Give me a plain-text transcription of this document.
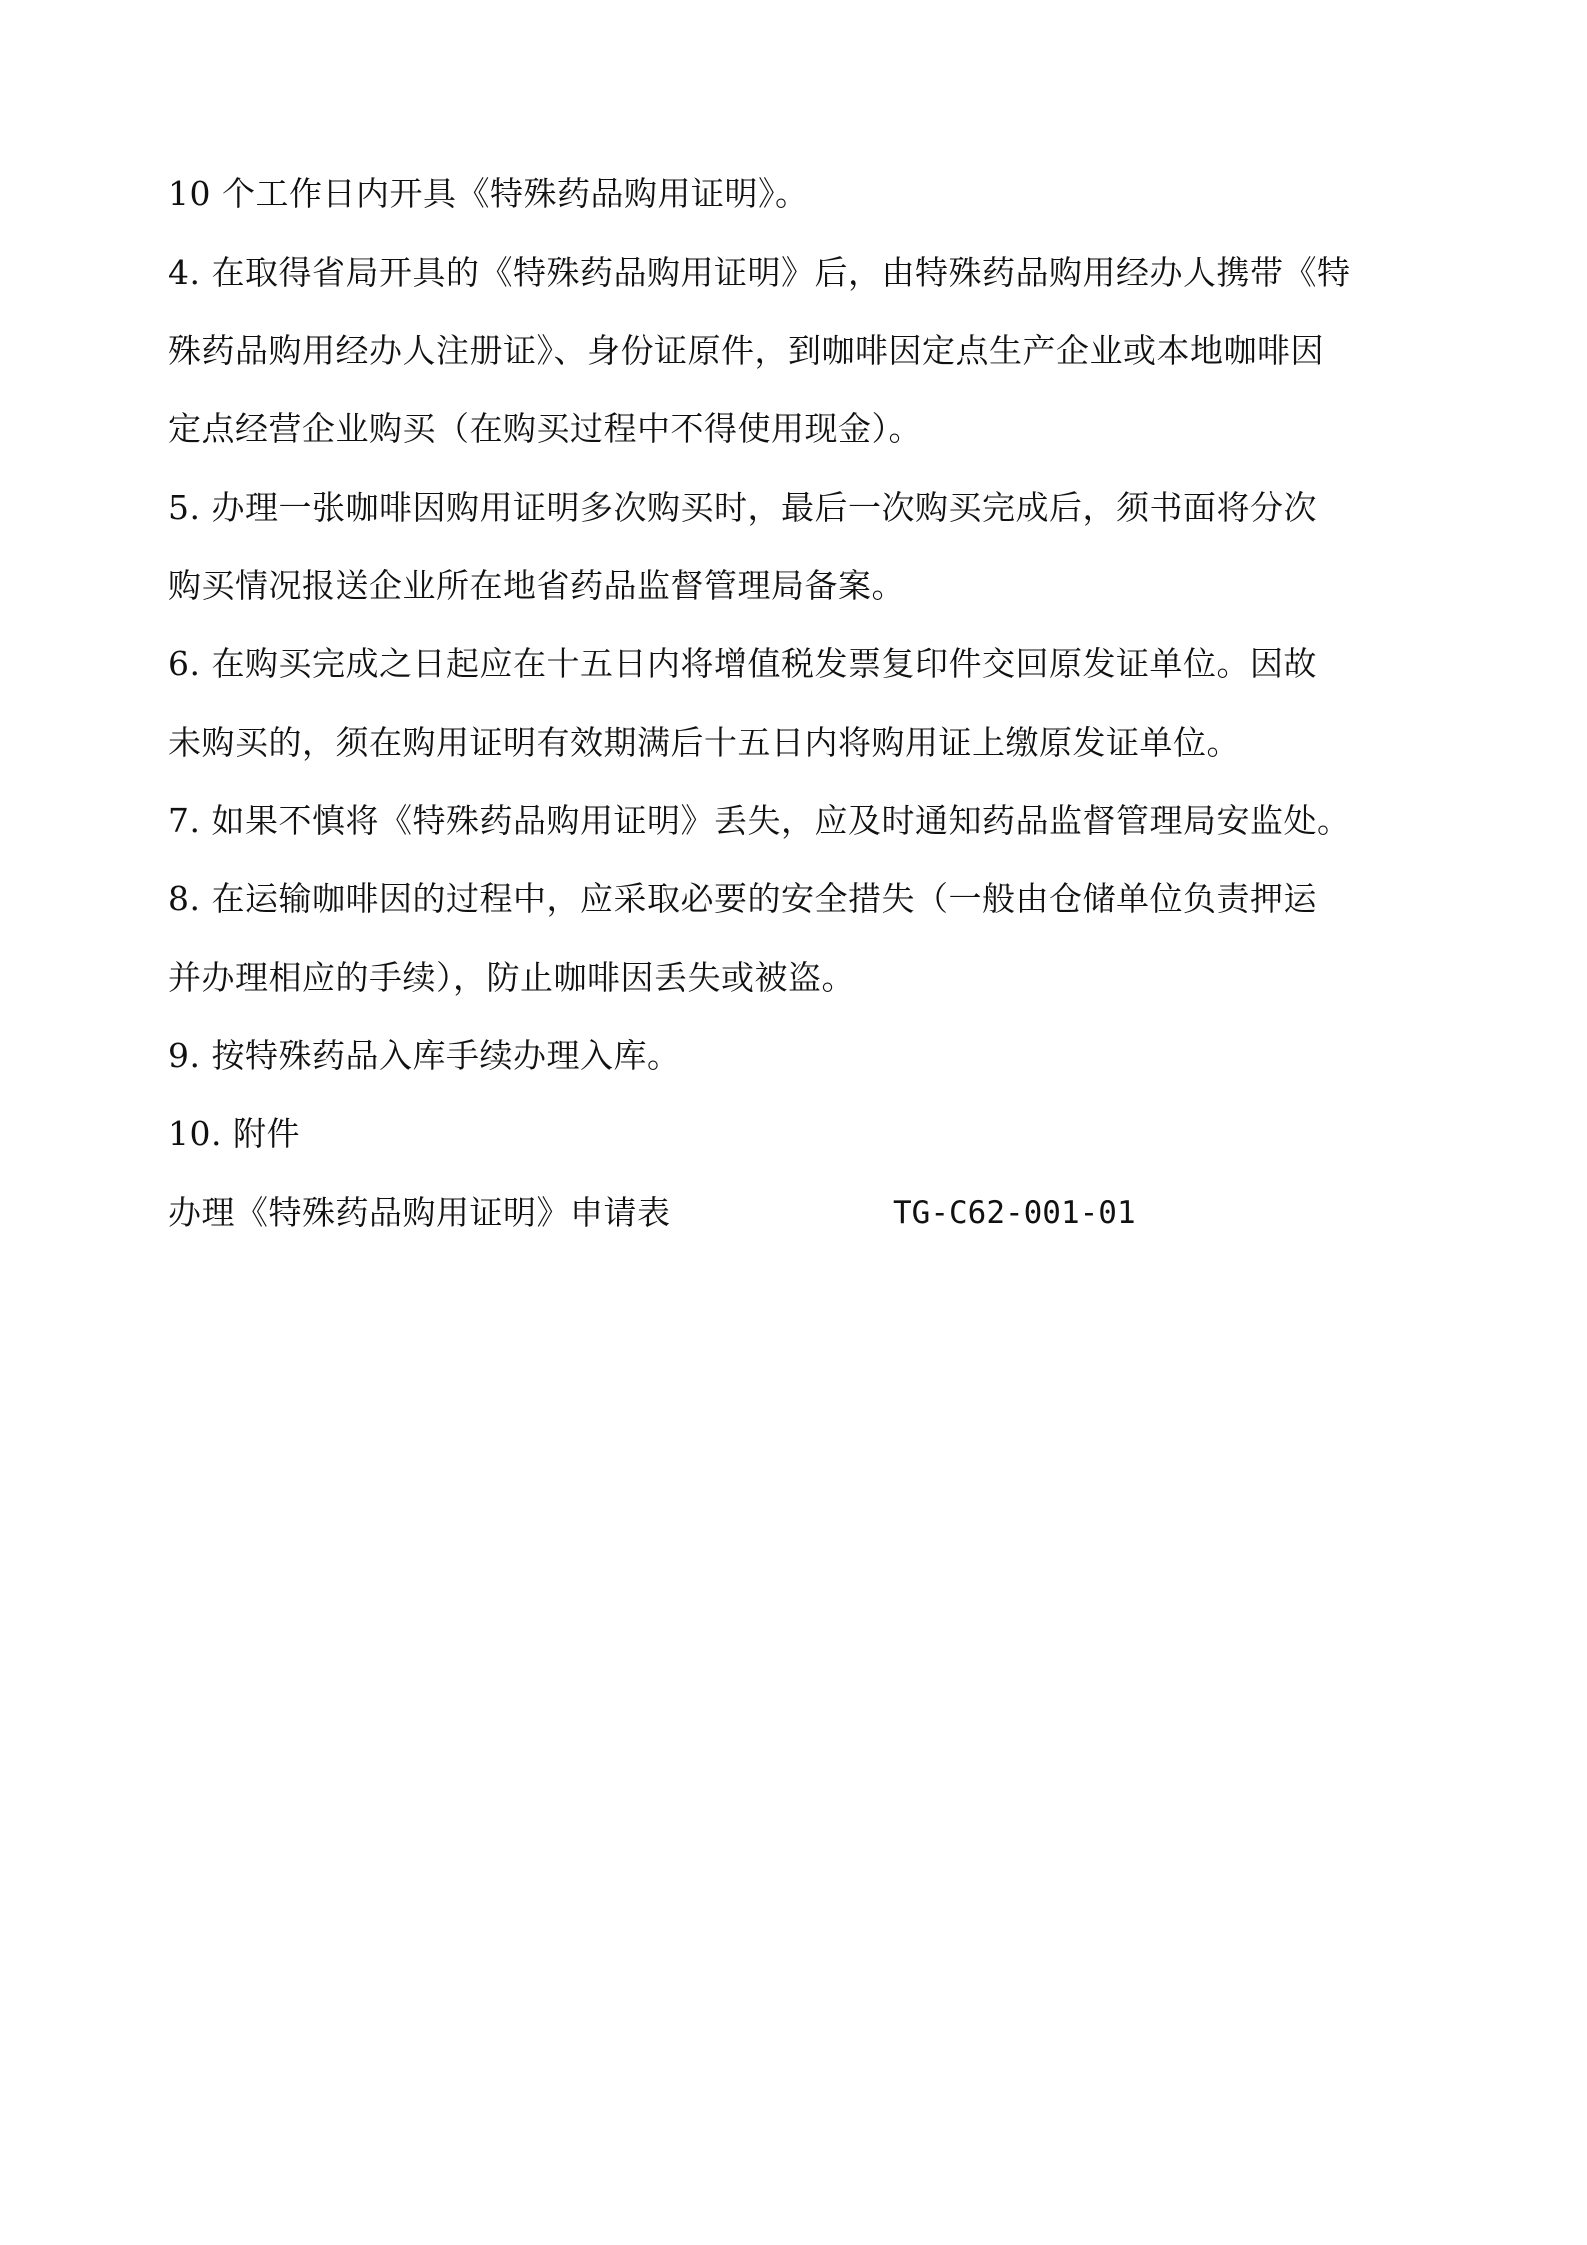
10 个工作日内开具《特殊药品购用证明》。
4. 在取得省局开具的《特殊药品购用证明》后，由特殊药品购用经办人携带《特
殊药品购用经办人注册证》、身份证原件，到咖啡因定点生产企业或本地咖啡因
定点经营企业购买（在购买过程中不得使用现金）。
5. 办理一张咖啡因购用证明多次购买时，最后一次购买完成后，须书面将分次
购买情况报送企业所在地省药品监督管理局备案。
6. 在购买完成之日起应在十五日内将增值税发票复印件交回原发证单位。因故
未购买的，须在购用证明有效期满后十五日内将购用证上缴原发证单位。
7. 如果不慎将《特殊药品购用证明》丢失，应及时通知药品监督管理局安监处。
8. 在运输咖啡因的过程中，应采取必要的安全措失（一般由仓储单位负责押运
并办理相应的手续），防止咖啡因丢失或被盗。
9. 按特殊药品入库手续办理入库。
10. 附件
办理《特殊药品购用证明》申请表	TG-C62-001-01
